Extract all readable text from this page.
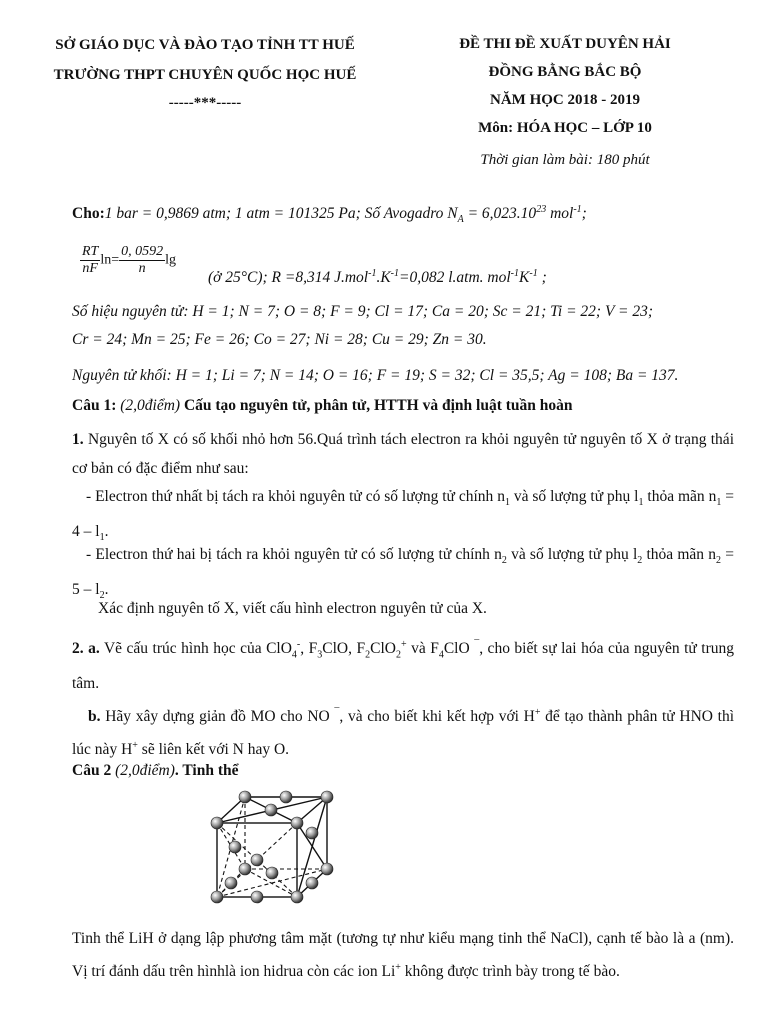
SỞ GIÁO DỤC VÀ ĐÀO TẠO TỈNH TT HUẾ
TRƯỜNG THPT CHUYÊN QUỐC HỌC HUẾ
-----***-----
ĐỀ THI ĐỀ XUẤT DUYÊN HẢI
ĐỒNG BẰNG BẮC BỘ
NĂM HỌC 2018 - 2019
Môn: HÓA HỌC – LỚP 10
Thời gian làm bài: 180 phút
Cho:1 bar = 0,9869 atm; 1 atm = 101325 Pa; Số Avogadro $N_A = 6,023.10^{23}$ mol$^{-1}$;
$\frac{RT}{nF} \ln= \frac{0, 0592}{n}$ lg
(ở 25°C); R =8,314 $J.mol^{-1}.K^{-1}=0,082$ l.atm. $mol^{-1}K^{-1}$ ;
Số hiệu nguyên tử: H = 1; N = 7; O = 8; F = 9; Cl = 17; Ca = 20; Sc = 21; Ti = 22; V = 23;
Cr = 24; Mn = 25; Fe = 26; Co = 27; Ni = 28; Cu = 29; Zn = 30.
Nguyên tử khối: H = 1; Li = 7; N = 14; O = 16; F = 19; S = 32; Cl = 35,5; Ag = 108; Ba = 137.
Câu 1: (2,0điểm) Cấu tạo nguyên tử, phân tử, HTTH và định luật tuần hoàn
1. Nguyên tố X có số khối nhỏ hơn 56.Quá trình tách electron ra khỏi nguyên tử nguyên tố X ở trạng thái cơ bản có đặc điểm như sau:
- Electron thứ nhất bị tách ra khỏi nguyên tử có số lượng tử chính $n_1$ và số lượng tử phụ $l_1$ thỏa mãn $n_1 = 4 - l_1$.
- Electron thứ hai bị tách ra khỏi nguyên tử có số lượng tử chính $n_2$ và số lượng tử phụ $l_2$ thỏa mãn $n_2 = 5 - l_2$.
Xác định nguyên tố X, viết cấu hình electron nguyên tử của X.
2. a. Vẽ cấu trúc hình học của ClO$_4$-, $F_3ClO$, $F_2ClO_2^+$ và $F_4ClO$ ¯, cho biết sự lai hóa của nguyên tử trung tâm.
b. Hãy xây dựng giản đồ MO cho NO ¯, và cho biết khi kết hợp với H+ để tạo thành phân tử HNO thì lúc này H+ sẽ liên kết với N hay O.
Câu 2 (2,0điểm). Tinh thể
Tinh thể LiH ở dạng lập phương tâm mặt (tương tự như kiểu mạng tinh thể NaCl), cạnh tế bào là a (nm). Vị trí đánh dấu trên hìnhlà ion hidrua còn các ion Li+ không được trình bày trong tế bào.
